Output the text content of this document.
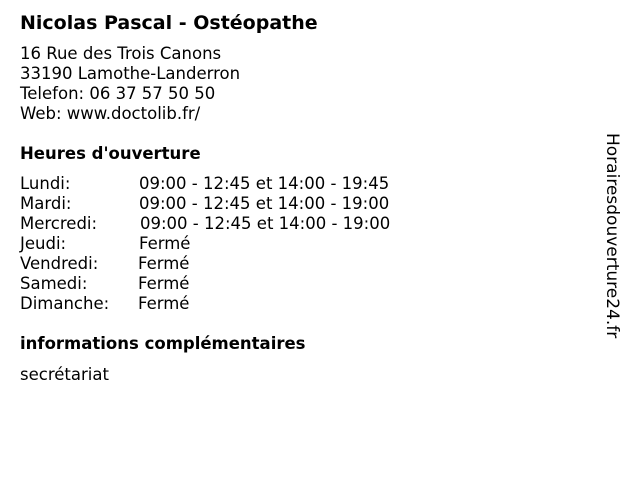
Nicolas Pascal - Ostéopathe
16 Rue des Trois Canons
33190 Lamothe-Landerron
Telefon: 06 37 57 50 50
Web: www.doctolib.fr/
Heures d'ouverture
Lundi:	09:00 - 12:45 et 14:00 - 19:45
Mardi:	09:00 - 12:45 et 14:00 - 19:00
Mercredi:	09:00 - 12:45 et 14:00 - 19:00
Jeudi:	Fermé
Vendredi: Fermé
Samedi:	Fermé
Dimanche: Fermé
informations complémentaires
secrétariat
Horairesdouverture24.fr
